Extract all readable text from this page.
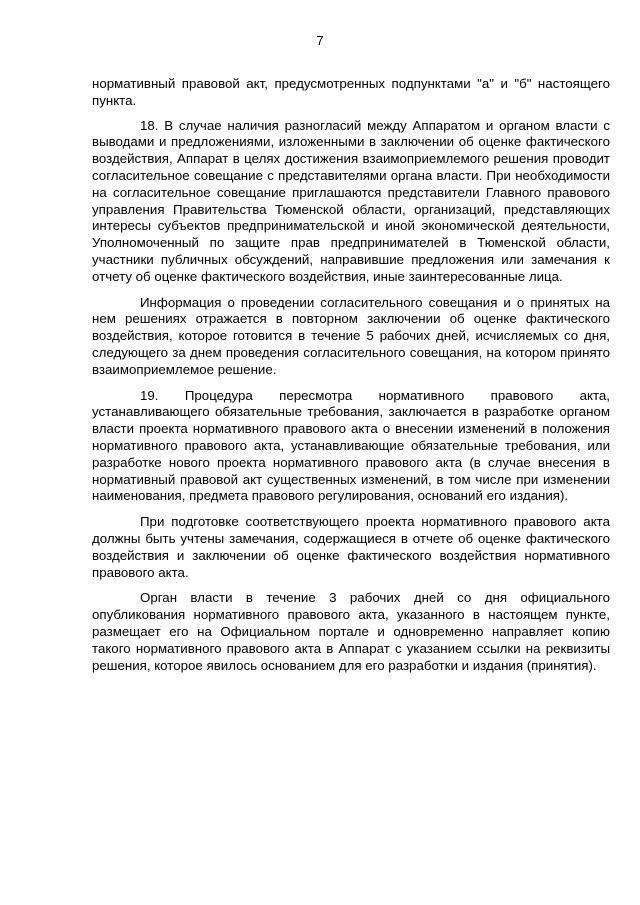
7

нормативный правовой акт, предусмотренных подпунктами "а" и "б" настоящего пункта.

18. В случае наличия разногласий между Аппаратом и органом власти с выводами и предложениями, изложенными в заключении об оценке фактического воздействия, Аппарат в целях достижения взаимоприемлемого решения проводит согласительное совещание с представителями органа власти. При необходимости на согласительное совещание приглашаются представители Главного правового управления Правительства Тюменской области, организаций, представляющих интересы субъектов предпринимательской и иной экономической деятельности, Уполномоченный по защите прав предпринимателей в Тюменской области, участники публичных обсуждений, направившие предложения или замечания к отчету об оценке фактического воздействия, иные заинтересованные лица.

Информация о проведении согласительного совещания и о принятых на нем решениях отражается в повторном заключении об оценке фактического воздействия, которое готовится в течение 5 рабочих дней, исчисляемых со дня, следующего за днем проведения согласительного совещания, на котором принято взаимоприемлемое решение.

19. Процедура пересмотра нормативного правового акта, устанавливающего обязательные требования, заключается в разработке органом власти проекта нормативного правового акта о внесении изменений в положения нормативного правового акта, устанавливающие обязательные требования, или разработке нового проекта нормативного правового акта (в случае внесения в нормативный правовой акт существенных изменений, в том числе при изменении наименования, предмета правового регулирования, оснований его издания).

При подготовке соответствующего проекта нормативного правового акта должны быть учтены замечания, содержащиеся в отчете об оценке фактического воздействия и заключении об оценке фактического воздействия нормативного правового акта.

Орган власти в течение 3 рабочих дней со дня официального опубликования нормативного правового акта, указанного в настоящем пункте, размещает его на Официальном портале и одновременно направляет копию такого нормативного правового акта в Аппарат с указанием ссылки на реквизиты решения, которое явилось основанием для его разработки и издания (принятия).
